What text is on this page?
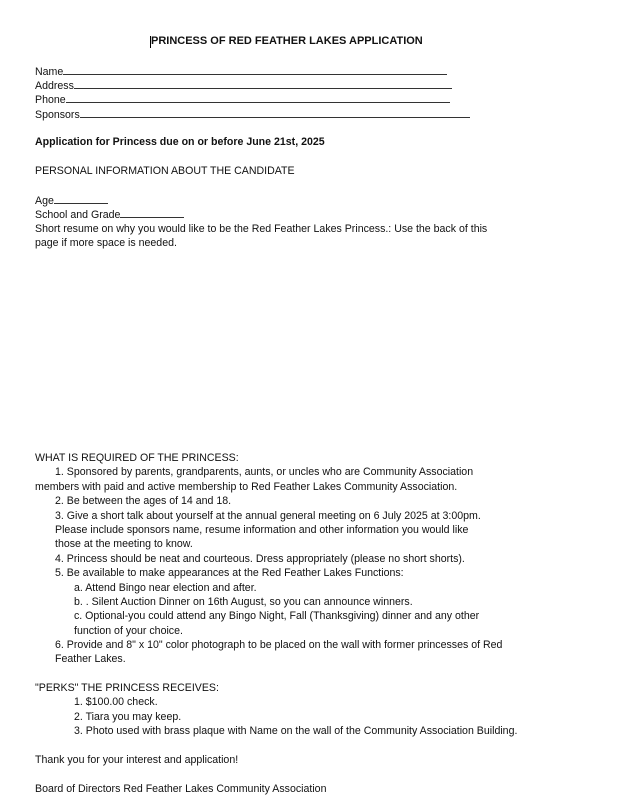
PRINCESS OF RED FEATHER LAKES APPLICATION
Name
Address
Phone
Sponsors
Application for Princess due on or before June 21st, 2025
PERSONAL INFORMATION ABOUT THE CANDIDATE
Age
School and Grade
Short resume on why you would like to be the Red Feather Lakes Princess.: Use the back of this
page if more space is needed.
WHAT IS REQUIRED OF THE PRINCESS:
1. Sponsored by parents, grandparents, aunts, or uncles who are Community Association
members with paid and active membership to Red Feather Lakes Community Association.
2. Be between the ages of 14 and 18.
3. Give a short talk about yourself at the annual general meeting on 6 July 2025 at 3:00pm.
Please include sponsors name, resume information and other information you would like
those at the meeting to know.
4. Princess should be neat and courteous. Dress appropriately (please no short shorts).
5. Be available to make appearances at the Red Feather Lakes Functions:
a. Attend Bingo near election and after.
b. . Silent Auction Dinner on 16th August, so you can announce winners.
c. Optional-you could attend any Bingo Night, Fall (Thanksgiving) dinner and any other
function of your choice.
6. Provide and 8" x 10" color photograph to be placed on the wall with former princesses of Red
Feather Lakes.
"PERKS" THE PRINCESS RECEIVES:
1. $100.00 check.
2. Tiara you may keep.
3. Photo used with brass plaque with Name on the wall of the Community Association Building.
Thank you for your interest and application!
Board of Directors Red Feather Lakes Community Association
